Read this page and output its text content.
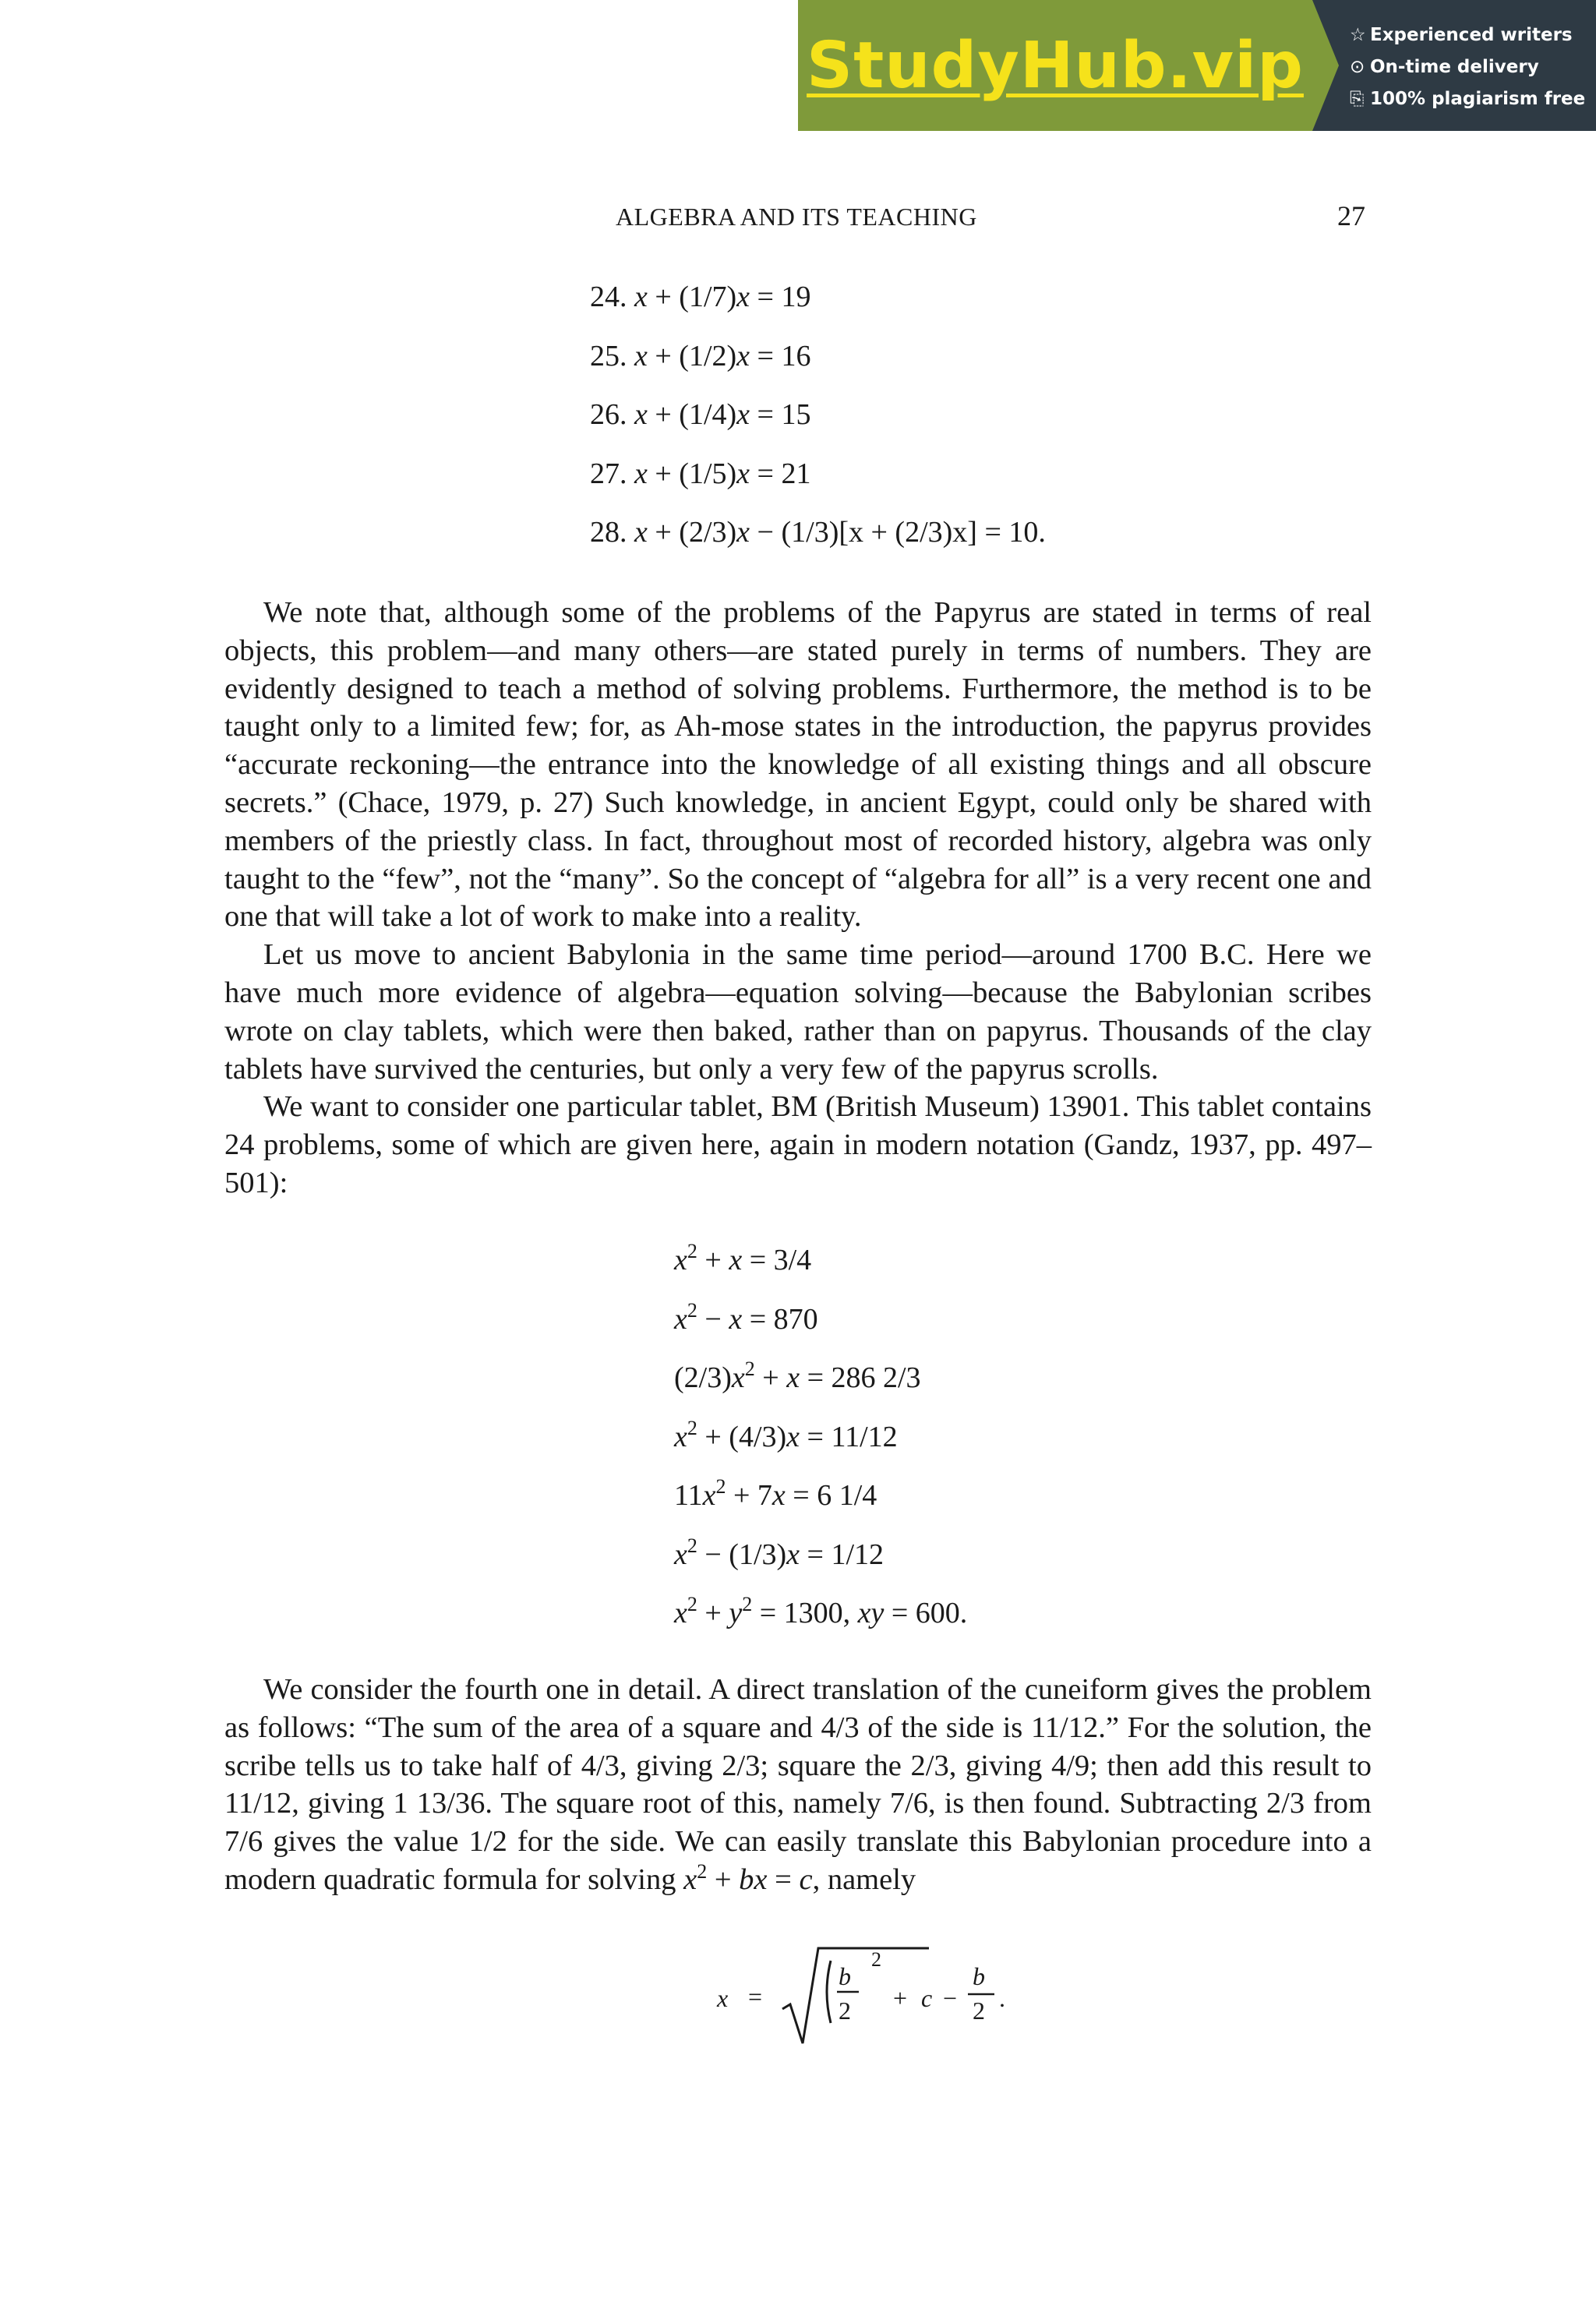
StudyHub.vip	☆ Experienced writers
⊙ On-time delivery
⎘ 100% plagiarism free
ALGEBRA AND ITS TEACHING	27
24. x + (1/7)x = 19
25. x + (1/2)x = 16
26. x + (1/4)x = 15
27. x + (1/5)x = 21
28. x + (2/3)x − (1/3)[x + (2/3)x] = 10.

We note that, although some of the problems of the Papyrus are stated in terms of real objects, this problem—and many others—are stated purely in terms of numbers. They are evidently designed to teach a method of solving problems. Furthermore, the method is to be taught only to a limited few; for, as Ah-mose states in the introduction, the papyrus provides “accurate reckoning—the entrance into the knowledge of all existing things and all obscure secrets.” (Chace, 1979, p. 27) Such knowledge, in ancient Egypt, could only be shared with members of the priestly class. In fact, throughout most of recorded history, algebra was only taught to the “few”, not the “many”. So the concept of “algebra for all” is a very recent one and one that will take a lot of work to make into a reality.

Let us move to ancient Babylonia in the same time period—around 1700 B.C. Here we have much more evidence of algebra—equation solving—because the Babylonian scribes wrote on clay tablets, which were then baked, rather than on papyrus. Thousands of the clay tablets have survived the centuries, but only a very few of the papyrus scrolls.

We want to consider one particular tablet, BM (British Museum) 13901. This tablet contains 24 problems, some of which are given here, again in modern notation (Gandz, 1937, pp. 497–501):

$x^2 + x = 3/4$
$x^2 - x = 870$
$(2/3)x^2 + x = 286$ 2/3
$x^2 + (4/3)x = 11/12$
$11x^2 + 7x = 6$ 1/4
$x^2 - (1/3)x = 1/12$
$x^2 + y^2 = 1300$, xy = 600.

We consider the fourth one in detail. A direct translation of the cuneiform gives the problem as follows: “The sum of the area of a square and 4/3 of the side is 11/12.” For the solution, the scribe tells us to take half of 4/3, giving 2/3; square the 2/3, giving 4/9; then add this result to 11/12, giving 1 13/36. The square root of this, namely 7/6, is then found. Subtracting 2/3 from 7/6 gives the value 1/2 for the side. We can easily translate this Babylonian procedure into a modern quadratic formula for solving $x^2$ + bx = c, namely

x =
b
2
2
+ c −
b
2 .
